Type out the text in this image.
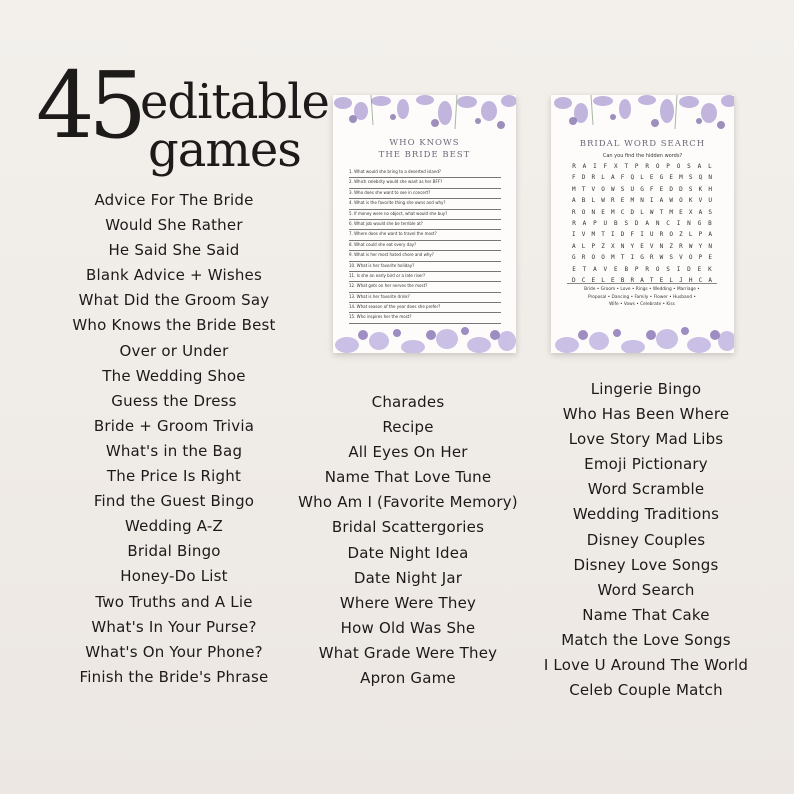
45
editable
games	WHO KNOWS
THE BRIDE BEST
1. What would she bring to a deserted island?
2. Which celebrity would she want as her BFF?
3. Who does she want to see in concert?
4. What is the favorite thing she owns and why?
5. If money were no object, what would she buy?
6. What job would she be terrible at?
7. Where does she want to travel the most?
8. What could she eat every day?
9. What is her most hated chore and why?
10. What is her favorite holiday?
11. Is she an early bird or a late riser?
12. What gets on her nerves the most?
13. What is her favorite drink?
14. What season of the year does she prefer?
15. Who inspires her the most?
BRIDAL WORD SEARCH
Can you find the hidden words?
R	A	I	F	X	T	P	R	O	P	O	S	A	L
F	D	R	L	A	F	Q	L	E	G	E	M	S	Q	N
M	T	V	O	W	S	U	G	F	E	D	D	S	K	H
A	B	L	W	R	E	M	N	I	A	W	O	K	V	U
R	O	N	E	M	C	D	L	W	T	M	E	X	A	S
R	A	P	U	B	S	D	A	N	C	I	N	G	B
I	V	M	T	I	D	F	I	U	R	O	Z	L	P	A
A	L	P	Z	X	N	Y	E	V	N	Z	R	W	Y	N
G	R	O	O	M	T	I	G	R	W	S	V	O	P	E
E	T	A	V	E	B	P	R	O	S	I	D	E	K
D	C	E	L	E	B	R	A	T	E	L	J	H	C	A
Bride • Groom • Love • Rings • Wedding • Marriage •
Proposal • Dancing • Family • Flower • Husband •
Wife • Vows • Celebrate • Kiss
Advice For The Bride
Would She Rather
He Said She Said
Blank Advice + Wishes
What Did the Groom Say
Who Knows the Bride Best
Over or Under
The Wedding Shoe
Guess the Dress
Bride + Groom Trivia
What's in the Bag
The Price Is Right
Find the Guest Bingo
Wedding A-Z
Bridal Bingo
Honey-Do List
Two Truths and A Lie
What's In Your Purse?
What's On Your Phone?
Finish the Bride's Phrase
Charades
Recipe
All Eyes On Her
Name That Love Tune
Who Am I (Favorite Memory)
Bridal Scattergories
Date Night Idea
Date Night Jar
Where Were They
How Old Was She
What Grade Were They
Apron Game
Lingerie Bingo
Who Has Been Where
Love Story Mad Libs
Emoji Pictionary
Word Scramble
Wedding Traditions
Disney Couples
Disney Love Songs
Word Search
Name That Cake
Match the Love Songs
I Love U Around The World
Celeb Couple Match
